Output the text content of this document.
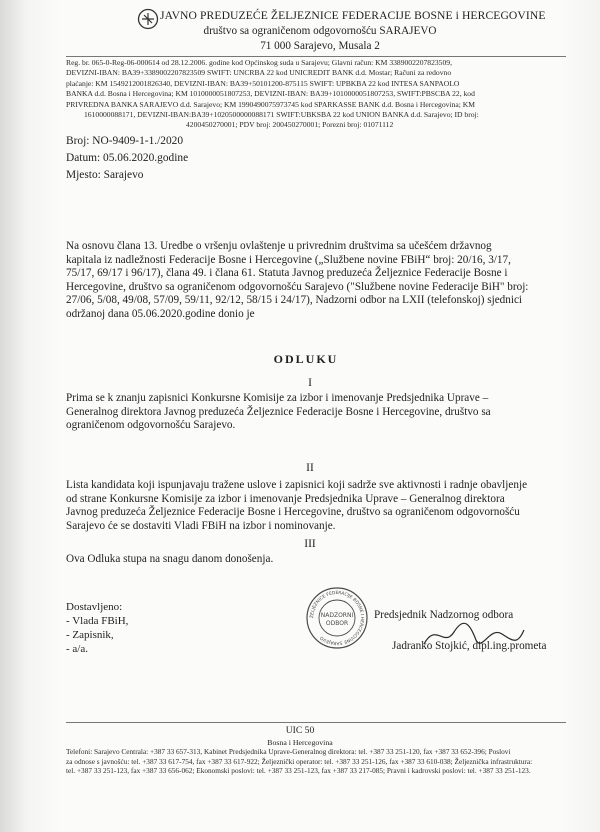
JAVNO PREDUZEĆE ŽELJEZNICE FEDERACIJE BOSNE i HERCEGOVINE
društvo sa ograničenom odgovornošću SARAJEVO
71 000 Sarajevo, Musala 2
Reg. br. 065-0-Reg-06-000614 od 28.12.2006. godine kod Općinskog suda u Sarajevu; Glavni račun: KM 3389002207823509,
DEVIZNI-IBAN: BA39+3389002207823509 SWIFT: UNCRBA 22 kod UNICREDIT BANK d.d. Mostar; Računi za redovno
plaćanje: KM 1549212001826340, DEVIZNI-IBAN: BA39+50101200-875115 SWIFT: UPBKBA 22 kod INTESA SANPAOLO
BANKA d.d. Bosna i Hercegovina; KM 1010000051807253, DEVIZNI-IBAN: BA39+1010000051807253, SWIFT:PBSCBA 22, kod
PRIVREDNA BANKA SARAJEVO d.d. Sarajevo; KM 1990490075973745 kod SPARKASSE BANK d.d. Bosna i Hercegovina; KM
1610000088171, DEVIZNI-IBAN:BA39+1020500000088171 SWIFT:UBKSBA 22 kod UNION BANKA d.d. Sarajevo; ID broj:
4200450270001; PDV broj: 200450270001; Porezni broj: 01071112
Broj: NO-9409-1-1./2020
Datum: 05.06.2020.godine
Mjesto: Sarajevo
Na osnovu člana 13. Uredbe o vršenju ovlaštenje u privrednim društvima sa učešćem državnog
kapitala iz nadležnosti Federacije Bosne i Hercegovine („Službene novine FBiH“ broj: 20/16, 3/17,
75/17, 69/17 i 96/17), člana 49. i člana 61. Statuta Javnog preduzeća Željeznice Federacije Bosne i
Hercegovine, društvo sa ograničenom odgovornošću Sarajevo ("Službene novine Federacije BiH" broj:
27/06, 5/08, 49/08, 57/09, 59/11, 92/12, 58/15 i 24/17), Nadzorni odbor na LXII (telefonskoj) sjednici
održanoj dana 05.06.2020.godine donio je
ODLUKU
I
Prima se k znanju zapisnici Konkursne Komisije za izbor i imenovanje Predsjednika Uprave –
Generalnog direktora Javnog preduzeća Željeznice Federacije Bosne i Hercegovine, društvo sa
ograničenom odgovornošću Sarajevo.
II
Lista kandidata koji ispunjavaju tražene uslove i zapisnici koji sadrže sve aktivnosti i radnje obavljenje
od strane Konkursne Komisije za izbor i imenovanje Predsjednika Uprave – Generalnog direktora
Javnog preduzeća Željeznice Federacije Bosne i Hercegovine, društvo sa ograničenom odgovornošću
Sarajevo će se dostaviti Vladi FBiH na izbor i nominovanje.
III
Ova Odluka stupa na snagu danom donošenja.
Dostavljeno:
- Vlada FBiH,
- Zapisnik,
- a/a.
ŽELJEZNICE FEDERACIJE BOSNE I HERCEGOVINE SARAJEVO
NADZORNI
ODBOR
Predsjednik Nadzornog odbora
Jadranko Stojkić, dipl.ing.prometa
UIC 50
Bosna i Hercegovina
Telefoni: Sarajevo Centrala: +387 33 657-313, Kabinet Predsjednika Uprave-Generalnog direktora: tel. +387 33 251-120, fax +387 33 652-396; Poslovi
za odnose s javnošću: tel. +387 33 617-754, fax +387 33 617-922; Željeznički operator: tel. +387 33 251-126, fax +387 33 610-038; Željeznička infrastruktura:
tel. +387 33 251-123, fax +387 33 656-062; Ekonomski poslovi: tel. +387 33 251-123, fax +387 33 217-085; Pravni i kadrovski poslovi: tel. +387 33 251-123.
